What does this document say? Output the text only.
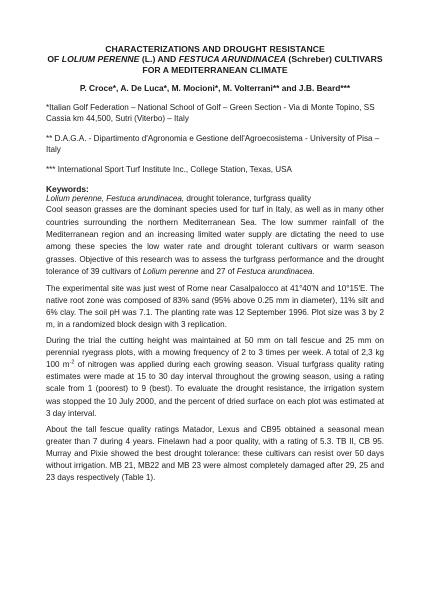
CHARACTERIZATIONS AND DROUGHT RESISTANCE
OF LOLIUM PERENNE (L.) AND FESTUCA ARUNDINACEA (Schreber) CULTIVARS
FOR A MEDITERRANEAN CLIMATE
P. Croce*, A. De Luca*, M. Mocioni*, M. Volterrani** and J.B. Beard***

*Italian Golf Federation – National School of Golf – Green Section - Via di Monte Topino, SS Cassia km 44,500, Sutri (Viterbo) – Italy

** D.A.G.A. - Dipartimento d'Agronomia e Gestione dell'Agroecosistema - University of Pisa – Italy

*** International Sport Turf Institute Inc., College Station, Texas, USA

Keywords:

Lolium perenne, Festuca arundinacea, drought tolerance, turfgrass quality

Cool season grasses are the dominant species used for turf in Italy, as well as in many other countries surrounding the northern Mediterranean Sea. The low summer rainfall of the Mediterranean region and an increasing limited water supply are dictating the need to use among these species the low water rate and drought tolerant cultivars or warm season grasses. Objective of this research was to assess the turfgrass performance and the drought tolerance of 39 cultivars of Lolium perenne and 27 of Festuca arundinacea.

The experimental site was just west of Rome near Casalpalocco at 41°40'N and 10°15'E. The native root zone was composed of 83% sand (95% above 0.25 mm in diameter), 11% silt and 6% clay. The soil pH was 7.1. The planting rate was 12 September 1996. Plot size was 3 by 2 m, in a randomized block design with 3 replication.

During the trial the cutting height was maintained at 50 mm on tall fescue and 25 mm on perennial ryegrass plots, with a mowing frequency of 2 to 3 times per week. A total of 2,3 kg 100 $m^{-2}$ of nitrogen was applied during each growing season. Visual turfgrass quality rating estimates were made at 15 to 30 day interval throughout the growing season, using a rating scale from 1 (poorest) to 9 (best). To evaluate the drought resistance, the irrigation system was stopped the 10 July 2000, and the percent of dried surface on each plot was estimated at 3 day interval.

About the tall fescue quality ratings Matador, Lexus and CB95 obtained a seasonal mean greater than 7 during 4 years. Finelawn had a poor quality, with a rating of 5.3. TB II, CB 95. Murray and Pixie showed the best drought tolerance: these cultivars can resist over 50 days without irrigation. MB 21, MB22 and MB 23 were almost completely damaged after 29, 25 and 23 days respectively (Table 1).
